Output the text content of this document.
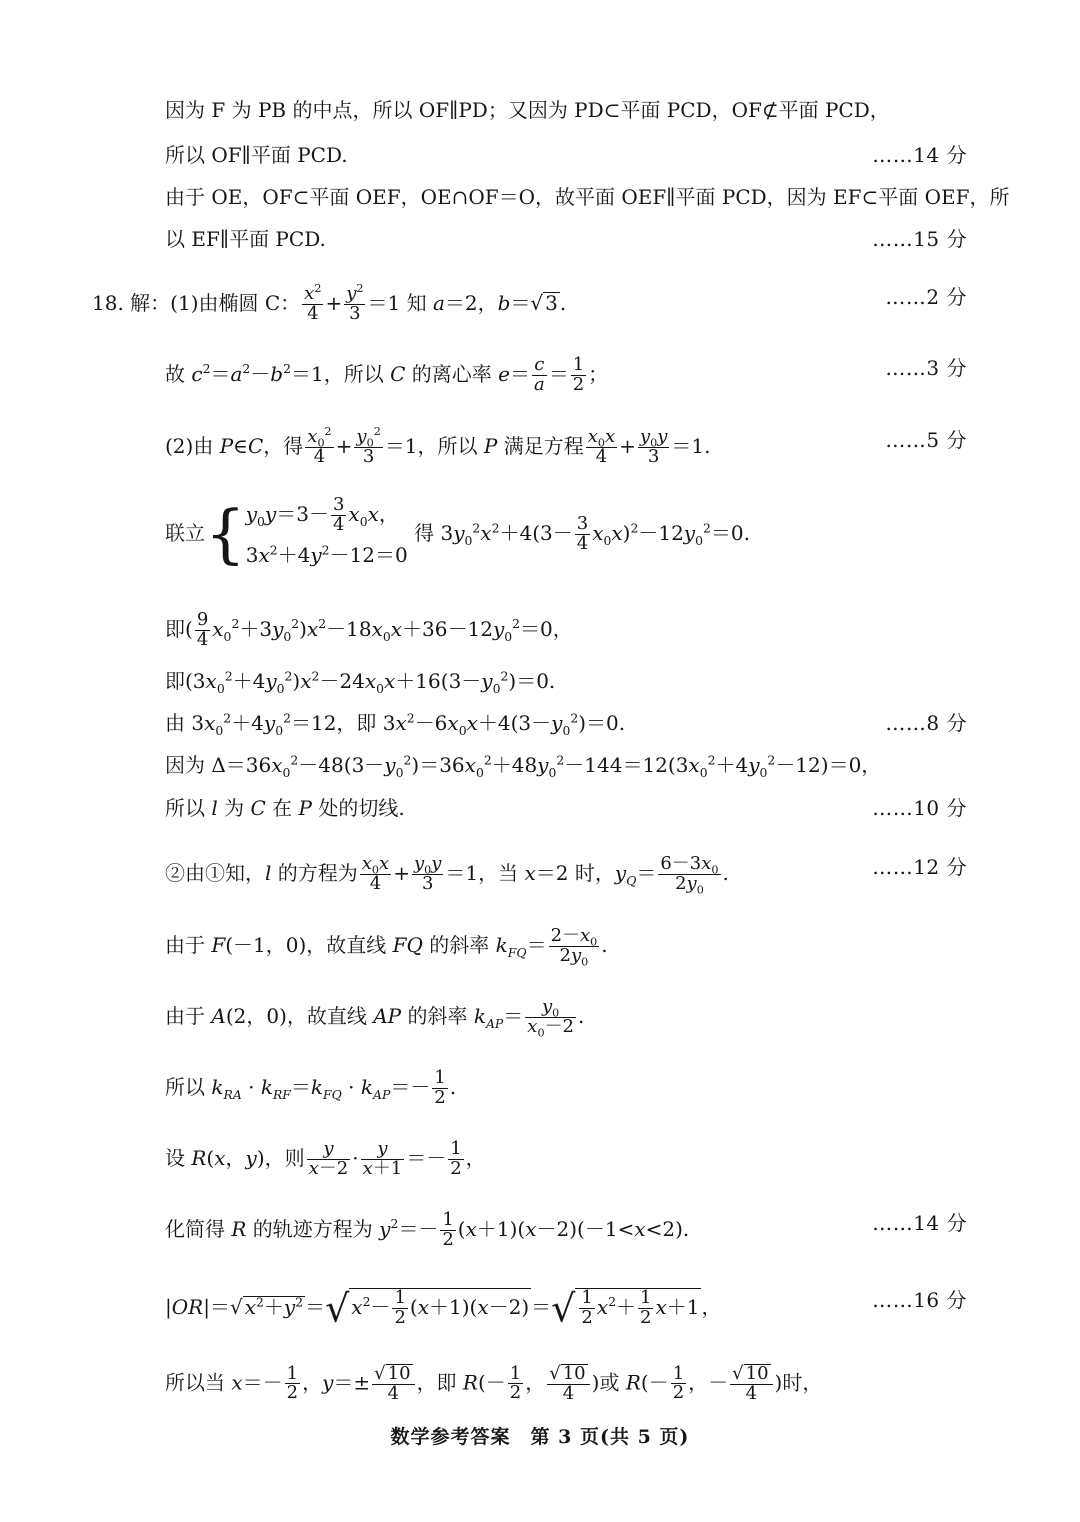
因为 F 为 PB 的中点，所以 OF∥PD；又因为 PD⊂平面 PCD，OF⊄平面 PCD，
所以 OF∥平面 PCD.	……14 分
由于 OE，OF⊂平面 OEF，OE∩OF＝O，故平面 OEF∥平面 PCD，因为 EF⊂平面 OEF，所
以 EF∥平面 PCD.	……15 分
18. 解：(1)由椭圆 C： $\frac{x^2}{4} + \frac{y^2}{3} =1$ 知 a＝2，b＝√ 3 .	……2 分
故 $c^2=a^2-b^2=1$，所以 C 的离心率 $e= \frac{c}{a} = \frac{1}{2}$ ；	……3 分
(2)由 P∈C，得 $\frac{x_0^2}{4} + \frac{y_0^2}{3} =1$，所以 P 满足方程 $\frac{x_0x}{4} + \frac{y_0y}{3} =1$.	……5 分
联立{ $y_0y=3- \frac{3}{4} x_0x$，
$3x^2+4y^2-12=0$
得 $3y_0^2x^2+4(3- \frac{3}{4} x_0x)^2-12y_0^2=0$.
即( $\frac{9}{4} x_0^2+3y_0^2)x^2-18x_0x+36-12y_0^2=0$，
即$(3x_0^2+4y_0^2)x^2-24x_0x+16(3-y_0^2)=0$.
由 $3x_0^2+4y_0^2=12$，即 $3x^2-6x_0x+4(3-y_0^2)=0$.	……8 分
因为 $\Delta=36x_0^2-48(3-y_0^2)=36x_0^2+48y_0^2-144=12(3x_0^2+4y_0^2-12)=0$，
所以 l 为 C 在 P 处的切线.	……10 分
②由①知，l 的方程为 $\frac{x_0x}{4} + \frac{y_0y}{3} =1$，当 x＝2 时，$y_Q= \frac{6-3x_0}{2y_0}$ .	……12 分
由于 F(－1，0)，故直线 FQ 的斜率 $k_{FQ}= \frac{2-x_0}{2y_0}$ .
由于 A(2，0)，故直线 AP 的斜率 $k_{AP}= \frac{y_0}{x_0-2}$ .
所以 $k_{RA} \cdot k_{RF}=k_{FQ} \cdot k_{AP}=- \frac{1}{2}$ .
设 R(x，y)，则 $\frac{y}{x-2} \cdot \frac{y}{x+1} =- \frac{1}{2}$ ，
化简得 R 的轨迹方程为 $y^2=- \frac{1}{2} (x+1)(x-2)(-1<x<2)$.	……14 分
|OR|＝√ $x^2+y^2$ ＝√ $x^2- \frac{1}{2} (x+1)(x-2)$ ＝√ $\frac{1}{2} x^2+ \frac{1}{2} x+1$ ，	……16 分
所以当 $x=- \frac{1}{2}$ ，$y=\pm \frac{√ 10}{4}$ ，即 $R(- \frac{1}{2}$ ， $\frac{√ 10}{4}$ )或 $R(- \frac{1}{2}$ ，－ $\frac{√ 10}{4}$ )时，
数学参考答案　第 3 页(共 5 页)
